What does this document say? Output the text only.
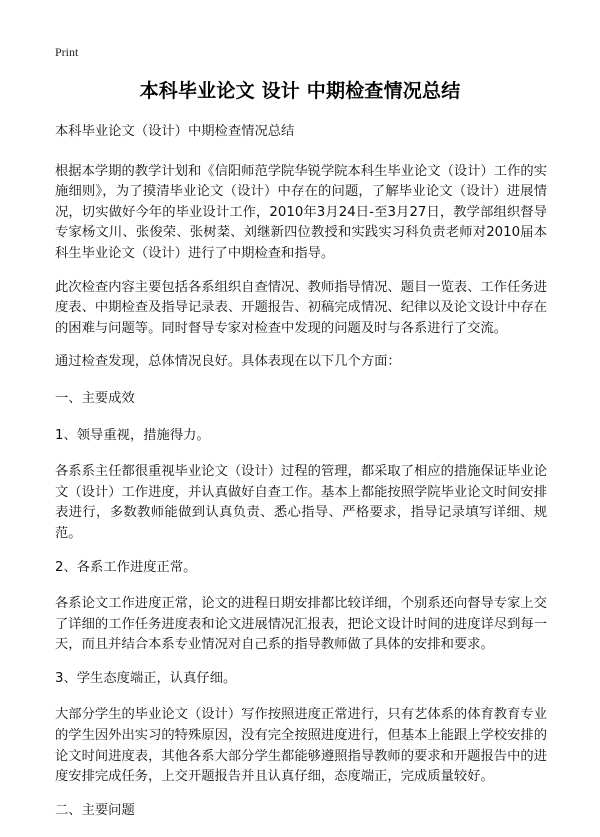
Print
本科毕业论文 设计 中期检查情况总结

本科毕业论文（设计）中期检查情况总结

根据本学期的教学计划和《信阳师范学院华锐学院本科生毕业论文（设计）工作的实施细则》，为了摸清毕业论文（设计）中存在的问题，了解毕业论文（设计）进展情况，切实做好今年的毕业设计工作，2010年3月24日-至3月27日，教学部组织督导专家杨文川、张俊荣、张树棻、刘继新四位教授和实践实习科负责老师对2010届本科生毕业论文（设计）进行了中期检查和指导。

此次检查内容主要包括各系组织自查情况、教师指导情况、题目一览表、工作任务进度表、中期检查及指导记录表、开题报告、初稿完成情况、纪律以及论文设计中存在的困难与问题等。同时督导专家对检查中发现的问题及时与各系进行了交流。

通过检查发现，总体情况良好。具体表现在以下几个方面：

一、主要成效

1、领导重视，措施得力。

各系系主任都很重视毕业论文（设计）过程的管理，都采取了相应的措施保证毕业论文（设计）工作进度，并认真做好自查工作。基本上都能按照学院毕业论文时间安排表进行，多数教师能做到认真负责、悉心指导、严格要求，指导记录填写详细、规范。

2、各系工作进度正常。

各系论文工作进度正常，论文的进程日期安排都比较详细，个别系还向督导专家上交了详细的工作任务进度表和论文进展情况汇报表，把论文设计时间的进度详尽到每一天，而且并结合本系专业情况对自己系的指导教师做了具体的安排和要求。

3、学生态度端正，认真仔细。

大部分学生的毕业论文（设计）写作按照进度正常进行，只有艺体系的体育教育专业的学生因外出实习的特殊原因，没有完全按照进度进行，但基本上能跟上学校安排的论文时间进度表，其他各系大部分学生都能够遵照指导教师的要求和开题报告中的进度安排完成任务，上交开题报告并且认真仔细，态度端正，完成质量较好。

二、主要问题
